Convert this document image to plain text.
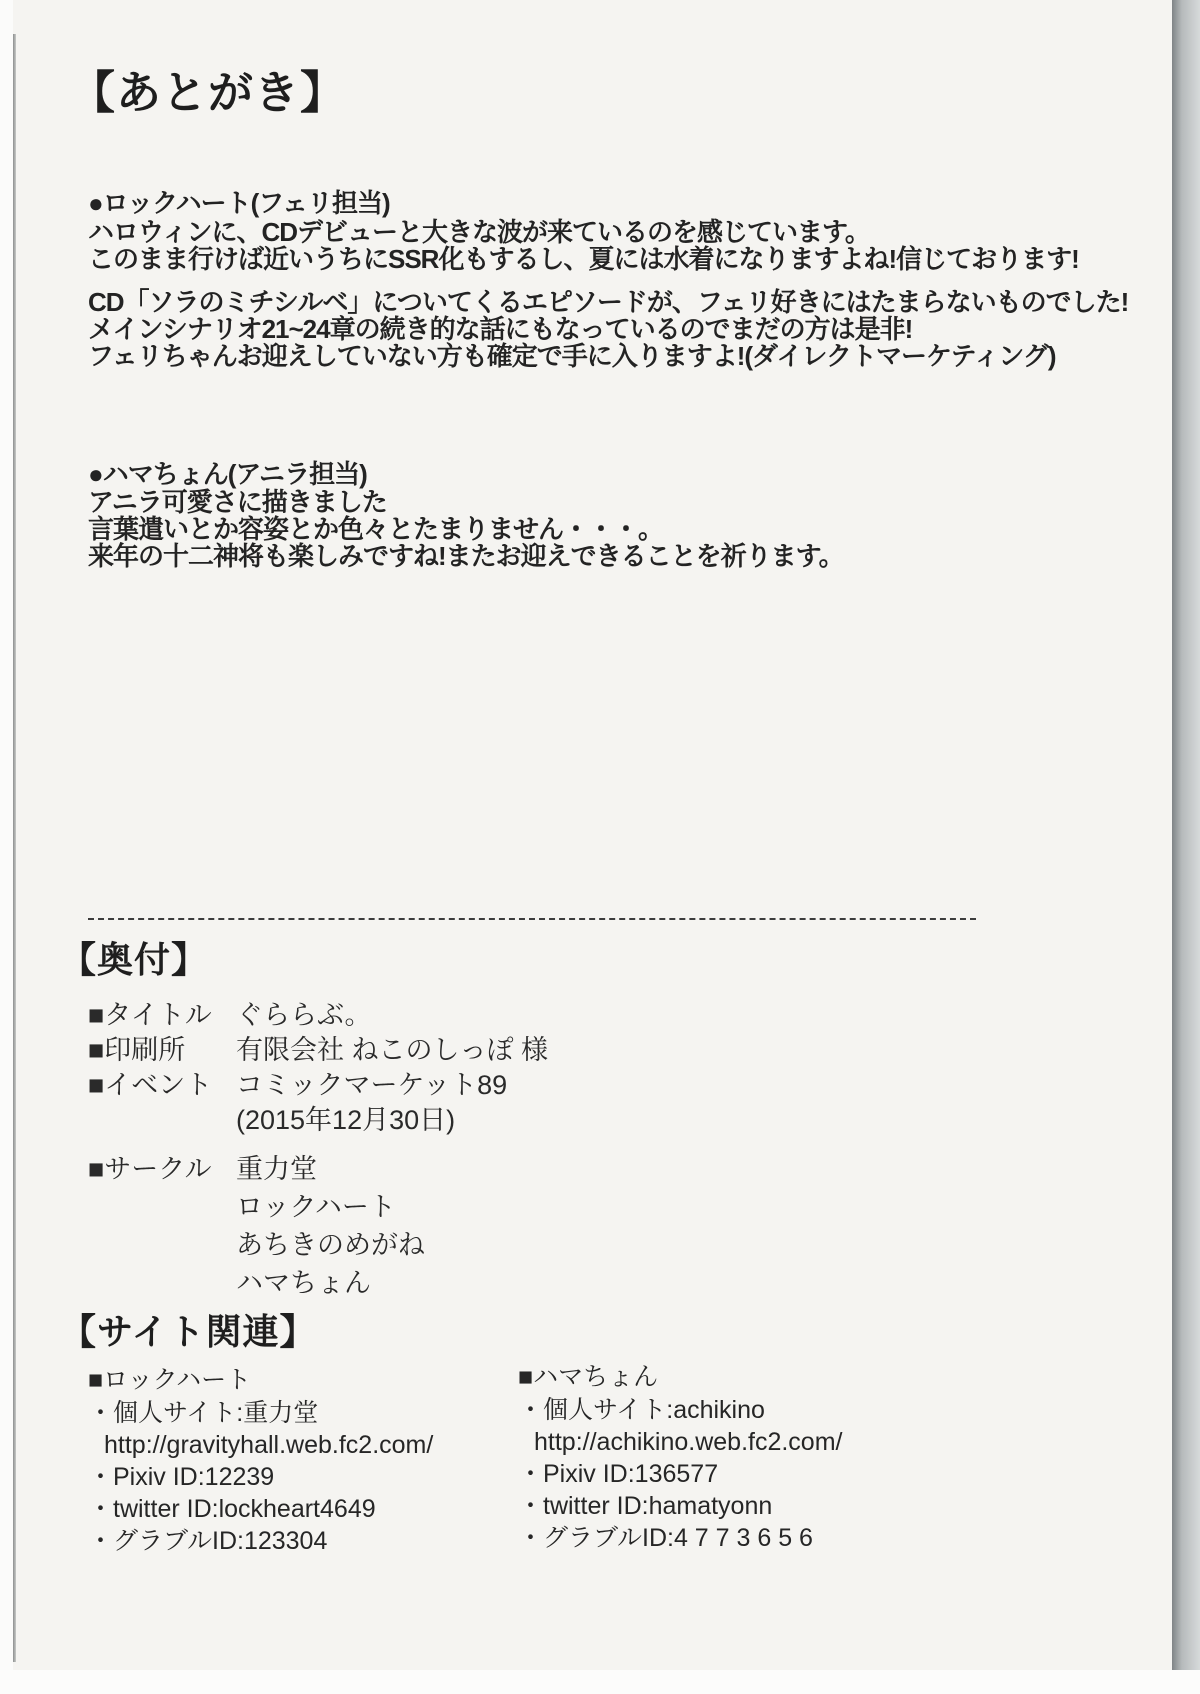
【あとがき】
●ロックハート(フェリ担当)
ハロウィンに、CDデビューと大きな波が来ているのを感じています。
このまま行けば近いうちにSSR化もするし、夏には水着になりますよね!信じております!
CD「ソラのミチシルベ」についてくるエピソードが、フェリ好きにはたまらないものでした!
メインシナリオ21~24章の続き的な話にもなっているのでまだの方は是非!
フェリちゃんお迎えしていない方も確定で手に入りますよ!(ダイレクトマーケティング)
●ハマちょん(アニラ担当)
アニラ可愛さに描きました
言葉遣いとか容姿とか色々とたまりません・・・。
来年の十二神将も楽しみですね!またお迎えできることを祈ります。
【奥付】
■タイトル ぐららぶ。
■印刷所	有限会社 ねこのしっぽ 様
■イベント コミックマーケット89
(2015年12月30日)
■サークル 重力堂
ロックハート
あちきのめがね
ハマちょん
【サイト関連】
■ロックハート
・個人サイト:重力堂
http://gravityhall.web.fc2.com/
・Pixiv ID:12239
・twitter ID:lockheart4649
・グラブルID:123304
■ハマちょん
・個人サイト:achikino
http://achikino.web.fc2.com/
・Pixiv ID:136577
・twitter ID:hamatyonn
・グラブルID:4 7 7 3 6 5 6
